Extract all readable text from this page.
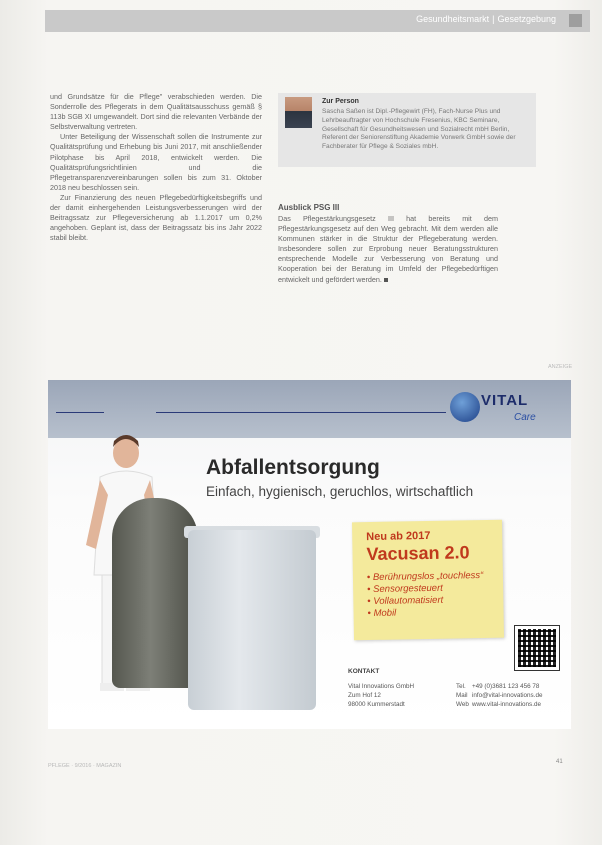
Gesundheitsmarkt | Gesetzgebung

und Grundsätze für die Pflege" verabschieden werden. Die Sonderrolle des Pflegerats in dem Qualitätsausschuss gemäß § 113b SGB XI umgewandelt. Dort sind die relevanten Verbände der Selbstverwaltung vertreten.

Unter Beteiligung der Wissenschaft sollen die Instrumente zur Qualitätsprüfung und Erhebung bis Juni 2017, mit anschließender Pilotphase bis April 2018, entwickelt werden. Die Qualitätsprüfungsrichtlinien und die Pflegetransparenzvereinbarungen sollen bis zum 31. Oktober 2018 neu beschlossen sein.

Zur Finanzierung des neuen Pflegebedürftigkeitsbegriffs und der damit einhergehenden Leistungsverbesserungen wird der Beitragssatz zur Pflegeversicherung ab 1.1.2017 um 0,2% angehoben. Geplant ist, dass der Beitragssatz bis ins Jahr 2022 stabil bleibt.

Zur Person
Sascha Saßen ist Dipl.-Pflegewirt (FH), Fach-Nurse Plus und Lehrbeauftragter von Hochschule Fresenius, KBC Seminare, Gesellschaft für Gesundheitswesen und Sozialrecht mbH Berlin, Referent der Seniorenstiftung Akademie Vorwerk GmbH sowie der Fachberater für Pflege & Soziales mbH.
Ausblick PSG III

Das Pflegestärkungsgesetz III hat bereits mit dem Pflegestärkungsgesetz auf den Weg gebracht. Mit dem werden alle Kommunen stärker in die Struktur der Pflegeberatung werden. Insbesondere sollen zur Erprobung neuer Beratungsstrukturen entsprechende Modelle zur Verbesserung von Beratung und Kooperation bei der Beratung im Umfeld der Pflegebedürftigen entwickelt und gefördert werden.

ANZEIGE
VITAL
Care
Abfallentsorgung
Einfach, hygienisch, geruchlos, wirtschaftlich
Neu ab 2017
Vacusan 2.0
• Berührungslos „touchless“
• Sensorgesteuert
• Vollautomatisiert
• Mobil
KONTAKT
Vital Innovations GmbH
Zum Hof 12
98000 Kummerstadt
Tel.
Mail
Web
+49 (0)3681 123 456 78
info@vital-innovations.de
www.vital-innovations.de
PFLEGE · 9/2016 · MAGAZIN
41
